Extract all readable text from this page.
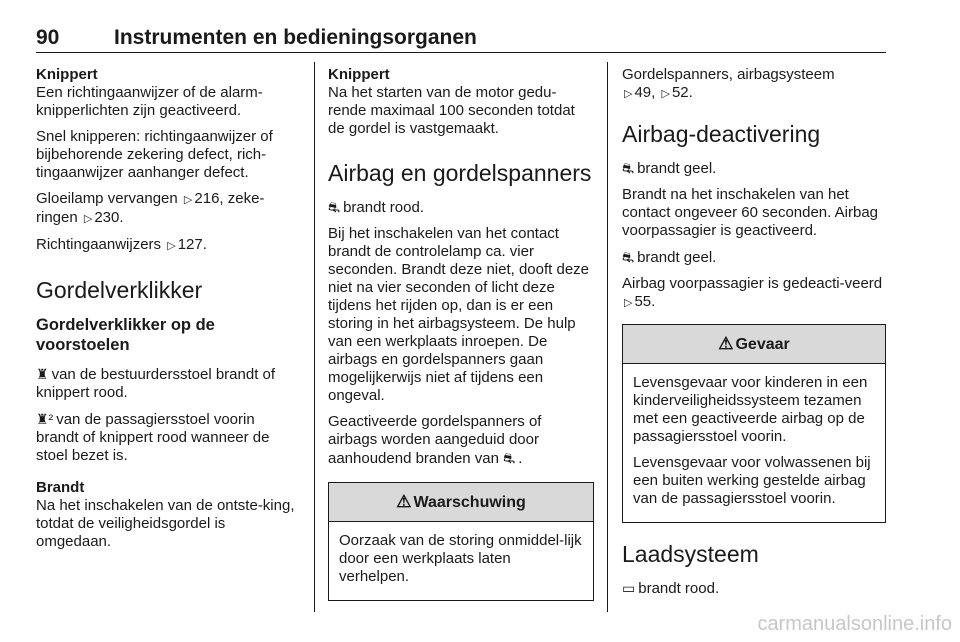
90	Instrumenten en bedieningsorganen
Knippert

Een richtingaanwijzer of de alarm-knipperlichten zijn geactiveerd.

Snel knipperen: richtingaanwijzer of bijbehorende zekering defect, rich-tingaanwijzer aanhanger defect.

Gloeilamp vervangen ▷ 216, zeke-ringen ▷ 230.

Richtingaanwijzers ▷ 127.

Gordelverklikker
Gordelverklikker op de voorstoelen

♜ van de bestuurdersstoel brandt of knippert rood.

♜² van de passagiersstoel voorin brandt of knippert rood wanneer de stoel bezet is.

Brandt

Na het inschakelen van de ontste-king, totdat de veiligheidsgordel is omgedaan.

Knippert

Na het starten van de motor gedu-rende maximaal 100 seconden totdat de gordel is vastgemaakt.

Airbag en gordelspanners

⛐ brandt rood.

Bij het inschakelen van het contact brandt de controlelamp ca. vier seconden. Brandt deze niet, dooft deze niet na vier seconden of licht deze tijdens het rijden op, dan is er een storing in het airbagsysteem. De hulp van een werkplaats inroepen. De airbags en gordelspanners gaan mogelijkerwijs niet af tijdens een ongeval.

Geactiveerde gordelspanners of airbags worden aangeduid door aanhoudend branden van ⛐ .

⚠ Waarschuwing

Oorzaak van de storing onmiddel-lijk door een werkplaats laten verhelpen.

Gordelspanners, airbagsysteem
▷ 49, ▷ 52.

Airbag-deactivering

⛐ brandt geel.

Brandt na het inschakelen van het contact ongeveer 60 seconden. Airbag voorpassagier is geactiveerd.

⛐ brandt geel.

Airbag voorpassagier is gedeacti-veerd ▷ 55.

⚠ Gevaar

Levensgevaar voor kinderen in een kinderveiligheidssysteem tezamen met een geactiveerde airbag op de passagiersstoel voorin.

Levensgevaar voor volwassenen bij een buiten werking gestelde airbag van de passagiersstoel voorin.

Laadsysteem

▭ brandt rood.

carmanualsonline.info
